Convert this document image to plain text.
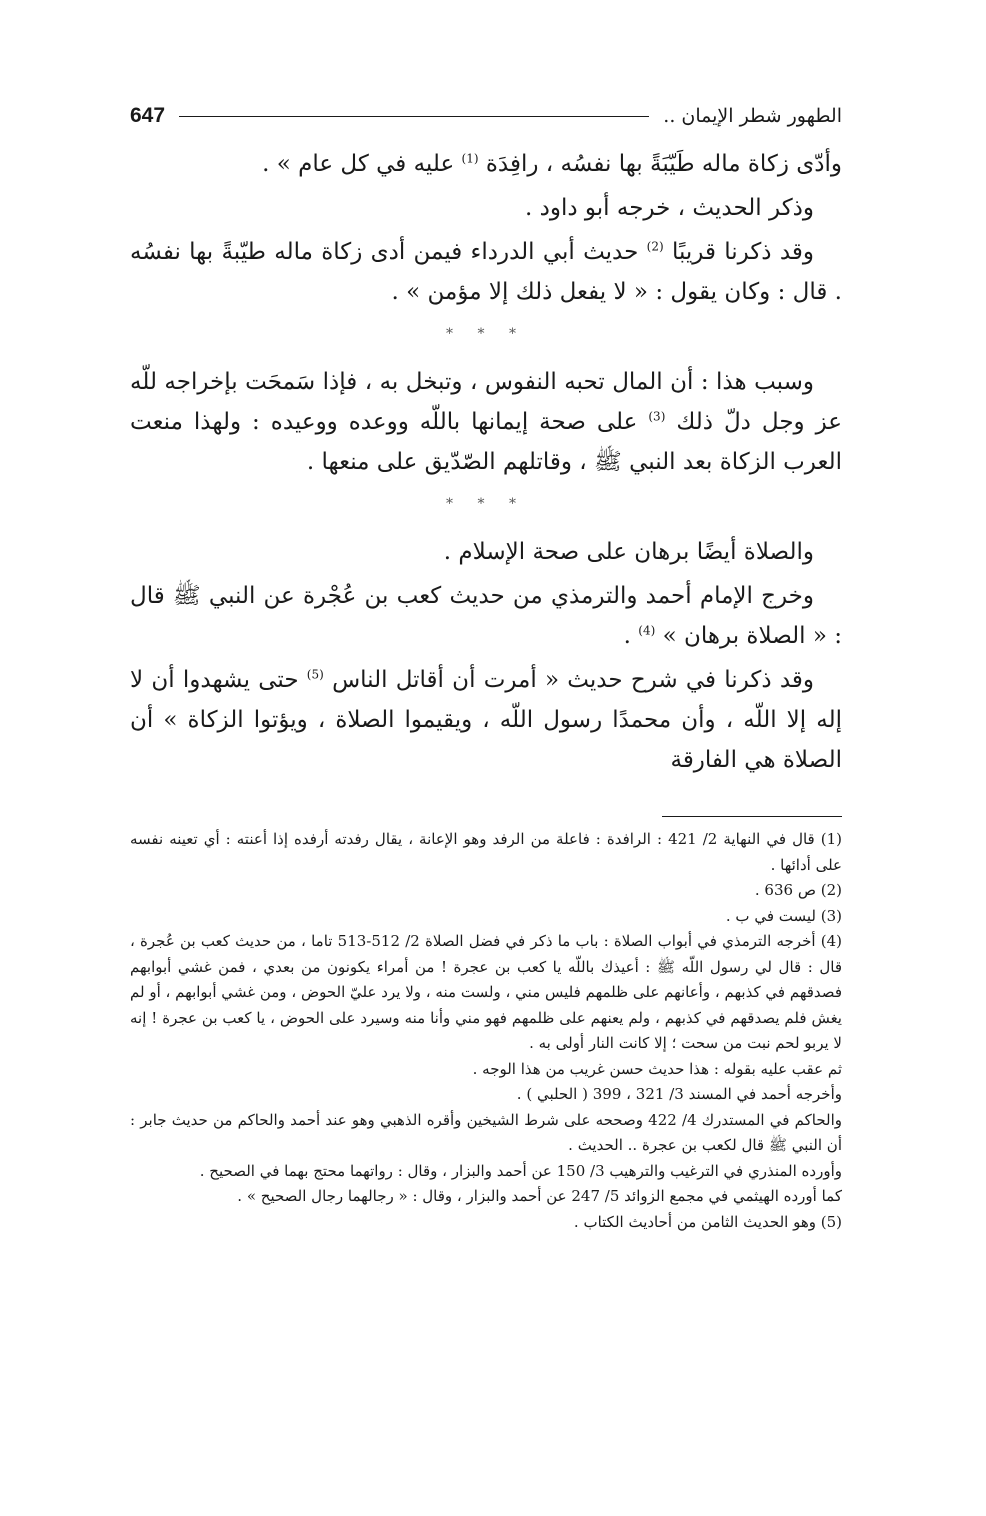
الطهور شطر الإيمان ..
647

وأدّى زكاة ماله طَيّبَةً بها نفسُه ، رافِدَة $^{(1)}$ عليه في كل عام » .

وذكر الحديث ، خرجه أبو داود .

وقد ذكرنا قريبًا $^{(2)}$ حديث أبي الدرداء فيمن أدى زكاة ماله طيّبةً بها نفسُه . قال : وكان يقول : « لا يفعل ذلك إلا مؤمن » .

* * *

وسبب هذا : أن المال تحبه النفوس ، وتبخل به ، فإذا سَمحَت بإخراجه للّه عز وجل دلّ ذلك $^{(3)}$ على صحة إيمانها باللّه ووعده ووعيده : ولهذا منعت العرب الزكاة بعد النبي ﷺ ، وقاتلهم الصّدّيق على منعها .

* * *

والصلاة أيضًا برهان على صحة الإسلام .

وخرج الإمام أحمد والترمذي من حديث كعب بن عُجْرة عن النبي ﷺ قال : « الصلاة برهان » $^{(4)}$ .

وقد ذكرنا في شرح حديث « أمرت أن أقاتل الناس $^{(5)}$ حتى يشهدوا أن لا إله إلا اللّه ، وأن محمدًا رسول اللّه ، ويقيموا الصلاة ، ويؤتوا الزكاة » أن الصلاة هي الفارقة

(1) قال في النهاية 2/ 421 : الرافدة : فاعلة من الرفد وهو الإعانة ، يقال رفدته أرفده إذا أعنته : أي تعينه نفسه على أدائها .

(2) ص 636 .

(3) ليست في ب .

(4) أخرجه الترمذي في أبواب الصلاة : باب ما ذكر في فضل الصلاة 2/ 512-513 تاما ، من حديث كعب بن عُجرة ، قال : قال لي رسول اللّه ﷺ : أعيذك باللّه يا كعب بن عجرة ! من أمراء يكونون من بعدي ، فمن غشي أبوابهم فصدقهم في كذبهم ، وأعانهم على ظلمهم فليس مني ، ولست منه ، ولا يرد عليّ الحوض ، ومن غشي أبوابهم ، أو لم يغش فلم يصدقهم في كذبهم ، ولم يعنهم على ظلمهم فهو مني وأنا منه وسيرد على الحوض ، يا كعب بن عجرة ! إنه لا يربو لحم نبت من سحت ؛ إلا كانت النار أولى به .

ثم عقب عليه بقوله : هذا حديث حسن غريب من هذا الوجه .

وأخرجه أحمد في المسند 3/ 321 ، 399 ( الحلبي ) .

والحاكم في المستدرك 4/ 422 وصححه على شرط الشيخين وأقره الذهبي وهو عند أحمد والحاكم من حديث جابر : أن النبي ﷺ قال لكعب بن عجرة .. الحديث .

وأورده المنذري في الترغيب والترهيب 3/ 150 عن أحمد والبزار ، وقال : رواتهما محتج بهما في الصحيح .

كما أورده الهيثمي في مجمع الزوائد 5/ 247 عن أحمد والبزار ، وقال : « رجالهما رجال الصحيح » .

(5) وهو الحديث الثامن من أحاديث الكتاب .
